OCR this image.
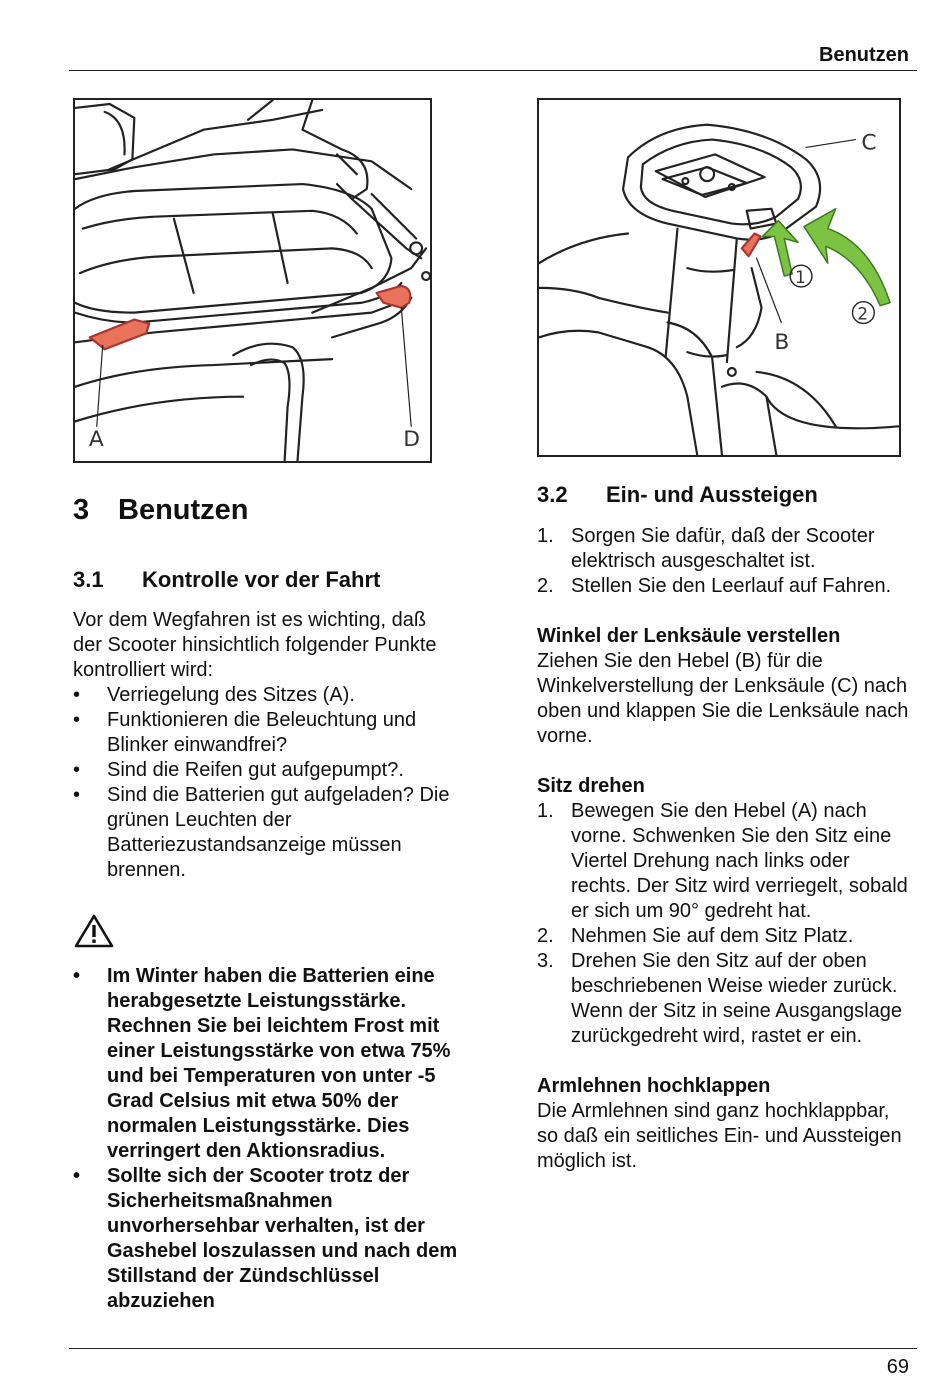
Benutzen
A	D
1
2
C
B
3 Benutzen
3.1 Kontrolle vor der Fahrt

Vor dem Wegfahren ist es wichting, daß der Scooter hinsichtlich folgender Punkte kontrolliert wird:

• Verriegelung des Sitzes (A).
• Funktionieren die Beleuchtung und Blinker einwandfrei?
• Sind die Reifen gut aufgepumpt?.
• Sind die Batterien gut aufgeladen? Die grünen Leuchten der Batteriezustandsanzeige müssen brennen.
• Im Winter haben die Batterien eine herabgesetzte Leistungsstärke. Rechnen Sie bei leichtem Frost mit einer Leistungsstärke von etwa 75% und bei Temperaturen von unter -5 Grad Celsius mit etwa 50% der normalen Leistungsstärke. Dies verringert den Aktionsradius.
• Sollte sich der Scooter trotz der Sicherheitsmaßnahmen unvorhersehbar verhalten, ist der Gashebel loszulassen und nach dem Stillstand der Zündschlüssel abzuziehen
3.2 Ein- und Aussteigen
1. Sorgen Sie dafür, daß der Scooter elektrisch ausgeschaltet ist.
2. Stellen Sie den Leerlauf auf Fahren.

Winkel der Lenksäule verstellen

Ziehen Sie den Hebel (B) für die Winkelverstellung der Lenksäule (C) nach oben und klappen Sie die Lenksäule nach vorne.

Sitz drehen

1. Bewegen Sie den Hebel (A) nach vorne. Schwenken Sie den Sitz eine Viertel Drehung nach links oder rechts. Der Sitz wird verriegelt, sobald er sich um 90° gedreht hat.
2. Nehmen Sie auf dem Sitz Platz.
3. Drehen Sie den Sitz auf der oben beschriebenen Weise wieder zurück. Wenn der Sitz in seine Ausgangslage zurückgedreht wird, rastet er ein.

Armlehnen hochklappen

Die Armlehnen sind ganz hochklappbar, so daß ein seitliches Ein- und Aussteigen möglich ist.

69
